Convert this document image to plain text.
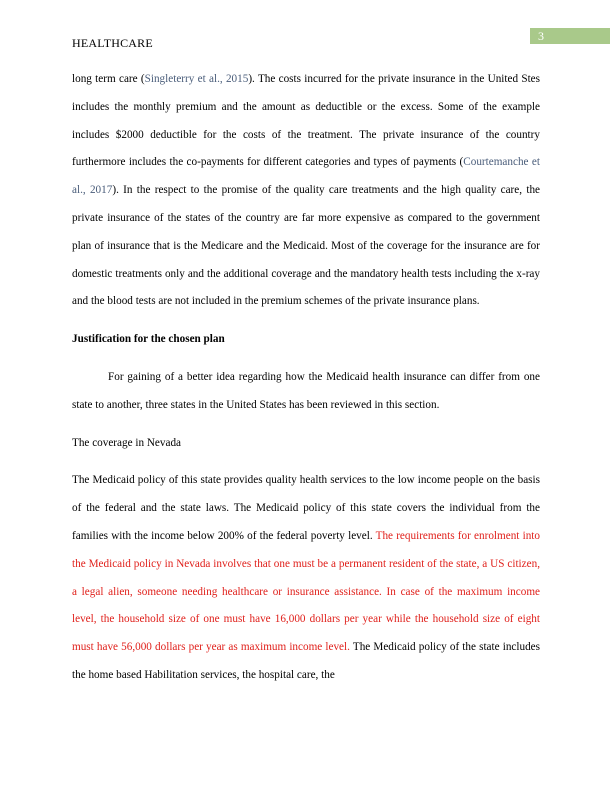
3
HEALTHCARE

long term care (Singleterry et al., 2015). The costs incurred for the private insurance in the United Stes includes the monthly premium and the amount as deductible or the excess. Some of the example includes $2000 deductible for the costs of the treatment. The private insurance of the country furthermore includes the co-payments for different categories and types of payments (Courtemanche et al., 2017). In the respect to the promise of the quality care treatments and the high quality care, the private insurance of the states of the country are far more expensive as compared to the government plan of insurance that is the Medicare and the Medicaid. Most of the coverage for the insurance are for domestic treatments only and the additional coverage and the mandatory health tests including the x-ray and the blood tests are not included in the premium schemes of the private insurance plans.

Justification for the chosen plan

For gaining of a better idea regarding how the Medicaid health insurance can differ from one state to another, three states in the United States has been reviewed in this section.

The coverage in Nevada

The Medicaid policy of this state provides quality health services to the low income people on the basis of the federal and the state laws. The Medicaid policy of this state covers the individual from the families with the income below 200% of the federal poverty level. The requirements for enrolment into the Medicaid policy in Nevada involves that one must be a permanent resident of the state, a US citizen, a legal alien, someone needing healthcare or insurance assistance. In case of the maximum income level, the household size of one must have 16,000 dollars per year while the household size of eight must have 56,000 dollars per year as maximum income level. The Medicaid policy of the state includes the home based Habilitation services, the hospital care, the
